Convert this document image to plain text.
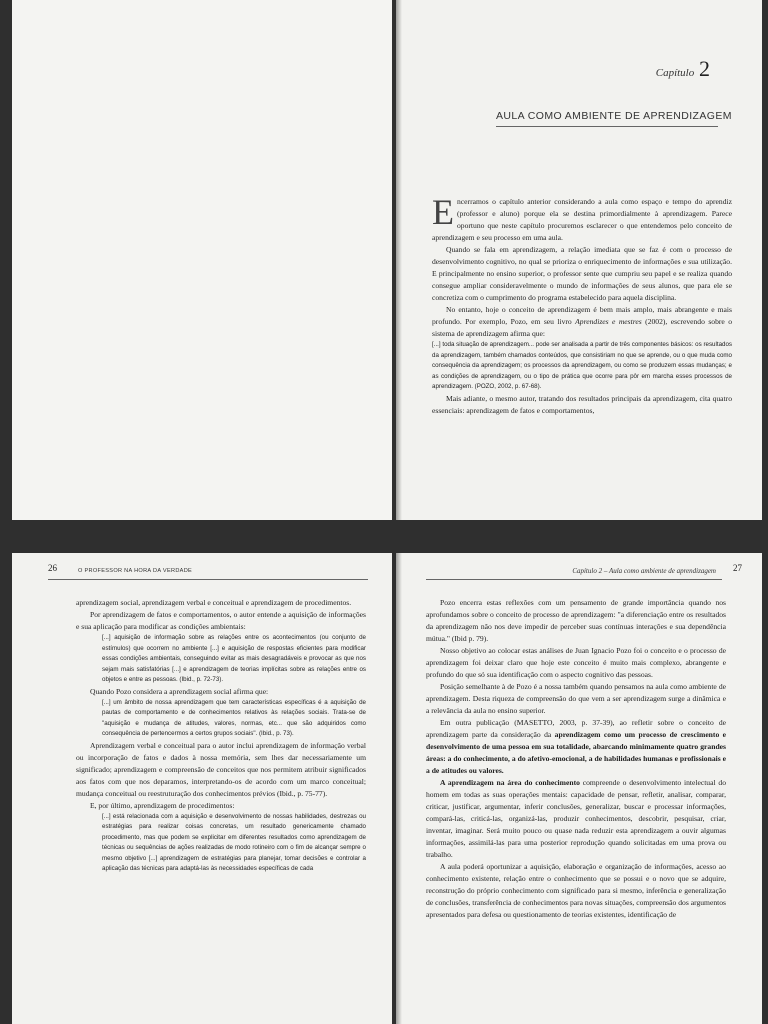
Capítulo 2
AULA COMO AMBIENTE DE APRENDIZAGEM

Encerramos o capítulo anterior considerando a aula como espaço e tempo do aprendiz (professor e aluno) porque ela se destina primordialmente à aprendizagem. Parece oportuno que neste capítulo procuremos esclarecer o que entendemos pelo conceito de aprendizagem e seu processo em uma aula.

Quando se fala em aprendizagem, a relação imediata que se faz é com o processo de desenvolvimento cognitivo, no qual se prioriza o enriquecimento de informações e sua utilização. E principalmente no ensino superior, o professor sente que cumpriu seu papel e se realiza quando consegue ampliar consideravelmente o mundo de informações de seus alunos, que para ele se concretiza com o cumprimento do programa estabelecido para aquela disciplina.

No entanto, hoje o conceito de aprendizagem é bem mais amplo, mais abrangente e mais profundo. Por exemplo, Pozo, em seu livro Aprendizes e mestres (2002), escrevendo sobre o sistema de aprendizagem afirma que:

[...] toda situação de aprendizagem... pode ser analisada a partir de três componentes básicos: os resultados da aprendizagem, também chamados conteúdos, que consistiriam no que se aprende, ou o que muda como consequência da aprendizagem; os processos da aprendizagem, ou como se produzem essas mudanças; e as condições de aprendizagem, ou o tipo de prática que ocorre para pôr em marcha esses processos de aprendizagem. (POZO, 2002, p. 67-68).

Mais adiante, o mesmo autor, tratando dos resultados principais da aprendizagem, cita quatro essenciais: aprendizagem de fatos e comportamentos,

26	O PROFESSOR NA HORA DA VERDADE

aprendizagem social, aprendizagem verbal e conceitual e aprendizagem de procedimentos.

Por aprendizagem de fatos e comportamentos, o autor entende a aquisição de informações e sua aplicação para modificar as condições ambientais:

[...] aquisição de informação sobre as relações entre os acontecimentos (ou conjunto de estímulos) que ocorrem no ambiente [...] e aquisição de respostas eficientes para modificar essas condições ambientais, conseguindo evitar as mais desagradáveis e provocar as que nos sejam mais satisfatórias [...] e aprendizagem de teorias implícitas sobre as relações entre os objetos e entre as pessoas. (Ibid., p. 72-73).

Quando Pozo considera a aprendizagem social afirma que:

[...] um âmbito de nossa aprendizagem que tem características específicas é a aquisição de pautas de comportamento e de conhecimentos relativos às relações sociais. Trata-se de "aquisição e mudança de atitudes, valores, normas, etc... que são adquiridos como consequência de pertencermos a certos grupos sociais". (Ibid., p. 73).

Aprendizagem verbal e conceitual para o autor inclui aprendizagem de informação verbal ou incorporação de fatos e dados à nossa memória, sem lhes dar necessariamente um significado; aprendizagem e compreensão de conceitos que nos permitem atribuir significados aos fatos com que nos deparamos, interpretando-os de acordo com um marco conceitual; mudança conceitual ou reestruturação dos conhecimentos prévios (Ibid., p. 75-77).

E, por último, aprendizagem de procedimentos:

[...] está relacionada com a aquisição e desenvolvimento de nossas habilidades, destrezas ou estratégias para realizar coisas concretas, um resultado genericamente chamado procedimento, mas que podem se explicitar em diferentes resultados como aprendizagem de técnicas ou sequências de ações realizadas de modo rotineiro com o fim de alcançar sempre o mesmo objetivo [...] aprendizagem de estratégias para planejar, tomar decisões e controlar a aplicação das técnicas para adaptá-las às necessidades específicas de cada

Capítulo 2 – Aula como ambiente de aprendizagem 27

Pozo encerra estas reflexões com um pensamento de grande importância quando nos aprofundamos sobre o conceito de processo de aprendizagem: "a diferenciação entre os resultados da aprendizagem não nos deve impedir de perceber suas contínuas interações e sua dependência mútua." (Ibid p. 79).

Nosso objetivo ao colocar estas análises de Juan Ignacio Pozo foi o conceito e o processo de aprendizagem foi deixar claro que hoje este conceito é muito mais complexo, abrangente e profundo do que só sua identificação com o aspecto cognitivo das pessoas.

Posição semelhante à de Pozo é a nossa também quando pensamos na aula como ambiente de aprendizagem. Desta riqueza de compreensão do que vem a ser aprendizagem surge a dinâmica e a relevância da aula no ensino superior.

Em outra publicação (MASETTO, 2003, p. 37-39), ao refletir sobre o conceito de aprendizagem parte da consideração da aprendizagem como um processo de crescimento e desenvolvimento de uma pessoa em sua totalidade, abarcando minimamente quatro grandes áreas: a do conhecimento, a do afetivo-emocional, a de habilidades humanas e profissionais e a de atitudes ou valores.

A aprendizagem na área do conhecimento compreende o desenvolvimento intelectual do homem em todas as suas operações mentais: capacidade de pensar, refletir, analisar, comparar, criticar, justificar, argumentar, inferir conclusões, generalizar, buscar e processar informações, compará-las, criticá-las, organizá-las, produzir conhecimentos, descobrir, pesquisar, criar, inventar, imaginar. Será muito pouco ou quase nada reduzir esta aprendizagem a ouvir algumas informações, assimilá-las para uma posterior reprodução quando solicitadas em uma prova ou trabalho.

A aula poderá oportunizar a aquisição, elaboração e organização de informações, acesso ao conhecimento existente, relação entre o conhecimento que se possui e o novo que se adquire, reconstrução do próprio conhecimento com significado para si mesmo, inferência e generalização de conclusões, transferência de conhecimentos para novas situações, compreensão dos argumentos apresentados para defesa ou questionamento de teorias existentes, identificação de
